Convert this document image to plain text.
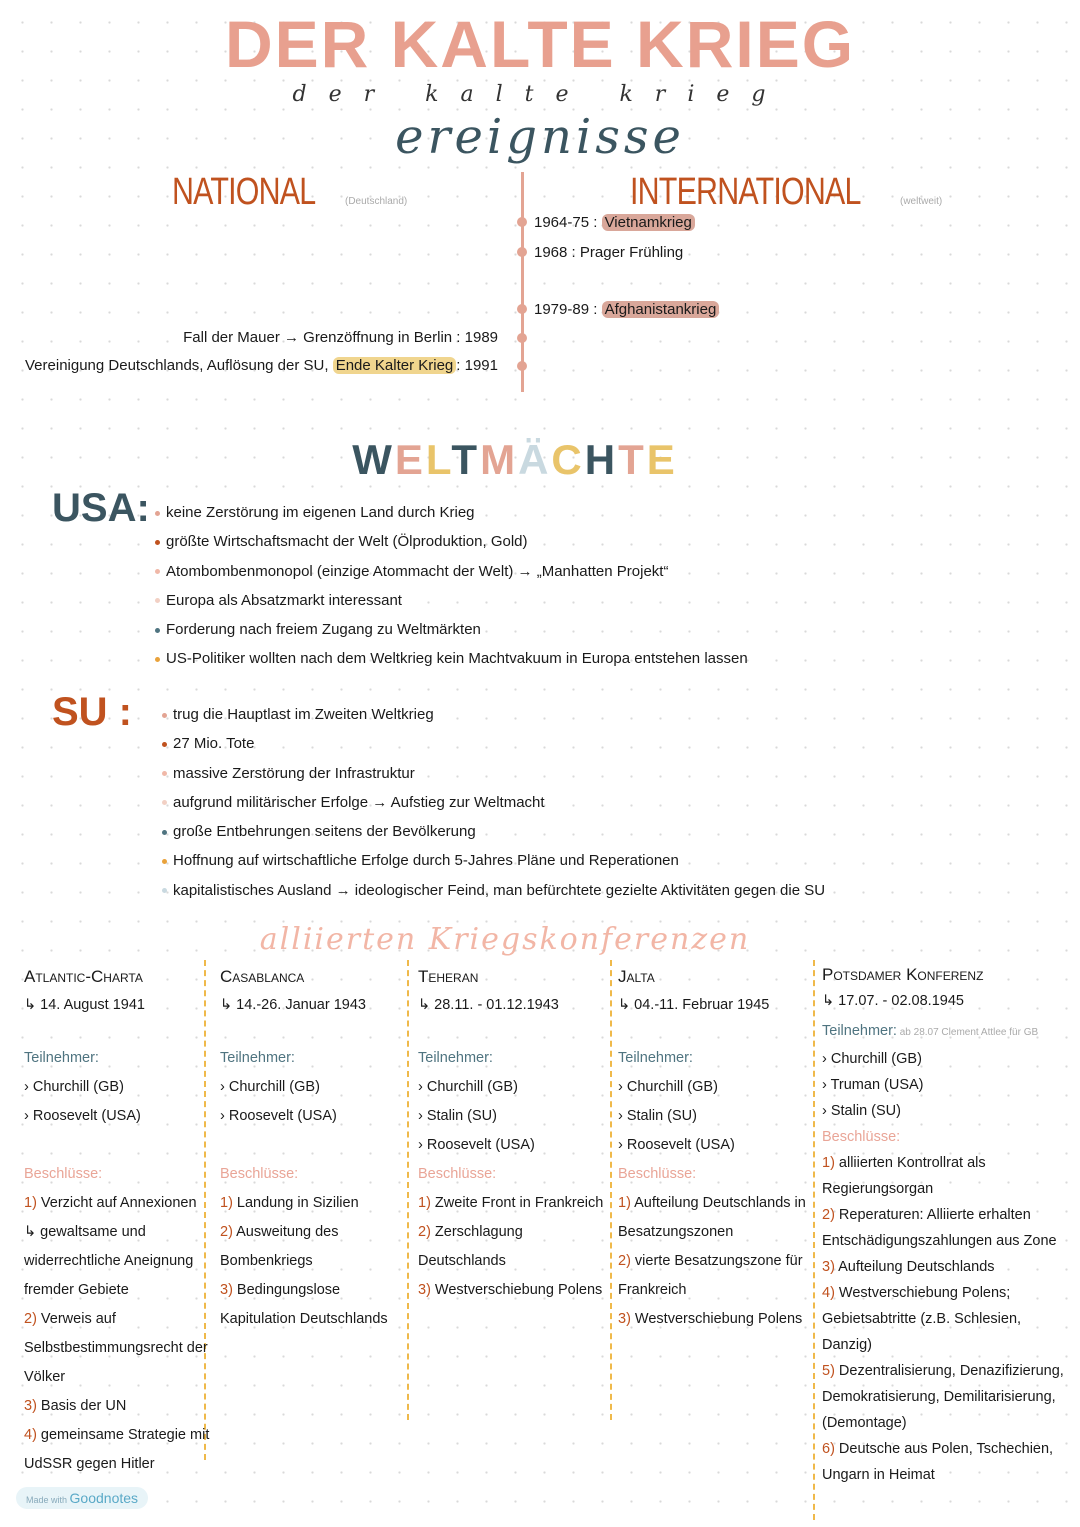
DER KALTE KRIEG
der kalte krieg
ereignisse
NATIONAL	(Deutschland)	INTERNATIONAL	(weltweit)
1964-75 : Vietnamkrieg
1968 : Prager Frühling
1979-89 : Afghanistankrieg
Fall der Mauer → Grenzöffnung in Berlin : 1989
Vereinigung Deutschlands, Auflösung der SU, Ende Kalter Krieg : 1991
WELTMÄCHTE
USA:	keine Zerstörung im eigenen Land durch Krieg
größte Wirtschaftsmacht der Welt (Ölproduktion, Gold)
Atombombenmonopol (einzige Atommacht der Welt) → „Manhatten Projekt“
Europa als Absatzmarkt interessant
Forderung nach freiem Zugang zu Weltmärkten
US-Politiker wollten nach dem Weltkrieg kein Machtvakuum in Europa entstehen lassen
SU :	trug die Hauptlast im Zweiten Weltkrieg
27 Mio. Tote
massive Zerstörung der Infrastruktur
aufgrund militärischer Erfolge → Aufstieg zur Weltmacht
große Entbehrungen seitens der Bevölkerung
Hoffnung auf wirtschaftliche Erfolge durch 5-Jahres Pläne und Reperationen
kapitalistisches Ausland → ideologischer Feind, man befürchtete gezielte Aktivitäten gegen die SU
alliierten Kriegskonferenzen
Atlantic-Charta
↳ 14. August 1941
Teilnehmer:
› Churchill (GB)
› Roosevelt (USA)
Beschlüsse:
1) Verzicht auf Annexionen ↳ gewaltsame und widerrechtliche Aneignung fremder Gebiete
2) Verweis auf Selbstbestimmungsrecht der Völker
3) Basis der UN
4) gemeinsame Strategie mit UdSSR gegen Hitler
Casablanca
↳ 14.-26. Januar 1943
Teilnehmer:
› Churchill (GB)
› Roosevelt (USA)
Beschlüsse:
1) Landung in Sizilien
2) Ausweitung des Bombenkriegs
3) Bedingungslose Kapitulation Deutschlands
Teheran
↳ 28.11. - 01.12.1943
Teilnehmer:
› Churchill (GB)
› Stalin (SU)
› Roosevelt (USA)
Beschlüsse:
1) Zweite Front in Frankreich
2) Zerschlagung Deutschlands
3) Westverschiebung Polens
Jalta
↳ 04.-11. Februar 1945
Teilnehmer:
› Churchill (GB)
› Stalin (SU)
› Roosevelt (USA)
Beschlüsse:
1) Aufteilung Deutschlands in Besatzungszonen
2) vierte Besatzungszone für Frankreich
3) Westverschiebung Polens
Potsdamer Konferenz
↳ 17.07. - 02.08.1945
Teilnehmer: ab 28.07 Clement Attlee für GB
› Churchill (GB)
› Truman (USA)
› Stalin (SU)
Beschlüsse:
1) alliierten Kontrollrat als Regierungsorgan
2) Reperaturen: Alliierte erhalten Entschädigungszahlungen aus Zone
3) Aufteilung Deutschlands
4) Westverschiebung Polens; Gebietsabtritte (z.B. Schlesien, Danzig)
5) Dezentralisierung, Denazifizierung, Demokratisierung, Demilitarisierung, (Demontage)
6) Deutsche aus Polen, Tschechien, Ungarn in Heimat
Made with Goodnotes
